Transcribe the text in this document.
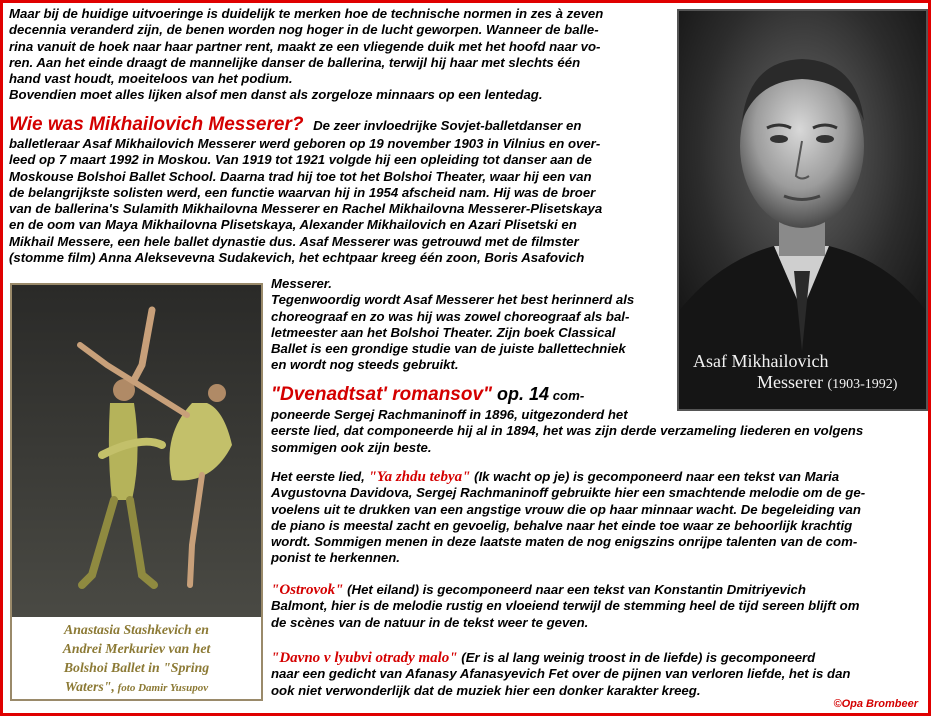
Maar bij de huidige uitvoeringe is duidelijk te merken hoe de technische normen in zes à zeven

decennia veranderd zijn, de benen worden nog hoger in de lucht geworpen. Wanneer de balle-

rina vanuit de hoek naar haar partner rent, maakt ze een vliegende duik met het hoofd naar vo-

ren. Aan het einde draagt de mannelijke danser de ballerina, terwijl hij haar met slechts één

hand vast houdt, moeiteloos van het podium.

Bovendien moet alles lijken alsof men danst als zorgeloze minnaars op een lentedag.

Wie was Mikhailovich Messerer? De zeer invloedrijke Sovjet-balletdanser en

balletleraar Asaf Mikhailovich Messerer werd geboren op 19 november 1903 in Vilnius en over-

leed op 7 maart 1992 in Moskou. Van 1919 tot 1921 volgde hij een opleiding tot danser aan de

Moskouse Bolshoi Ballet School. Daarna trad hij toe tot het Bolshoi Theater, waar hij een van

de belangrijkste solisten werd, een functie waarvan hij in 1954 afscheid nam. Hij was de broer

van de ballerina's Sulamith Mikhailovna Messerer en Rachel Mikhailovna Messerer-Plisetskaya

en de oom van Maya Mikhailovna Plisetskaya, Alexander Mikhailovich en Azari Plisetski en

Mikhail Messere, een hele ballet dynastie dus. Asaf Messerer was getrouwd met de filmster

(stomme film) Anna Aleksevevna Sudakevich, het echtpaar kreeg één zoon, Boris Asafovich

Messerer.

Tegenwoordig wordt Asaf Messerer het best herinnerd als

choreograaf en zo was hij was zowel choreograaf als bal-

letmeester aan het Bolshoi Theater. Zijn boek Classical

Ballet is een grondige studie van de juiste ballettechniek

en wordt nog steeds gebruikt.

"Dvenadtsat' romansov" op. 14 com-

poneerde Sergej Rachmaninoff in 1896, uitgezonderd het

eerste lied, dat componeerde hij al in 1894, het was zijn derde verzameling liederen en volgens

sommigen ook zijn beste.

Het eerste lied, "Ya zhdu tebya" (Ik wacht op je) is gecomponeerd naar een tekst van Maria

Avgustovna Davidova, Sergej Rachmaninoff gebruikte hier een smachtende melodie om de ge-

voelens uit te drukken van een angstige vrouw die op haar minnaar wacht. De begeleiding van

de piano is meestal zacht en gevoelig, behalve naar het einde toe waar ze behoorlijk krachtig

wordt. Sommigen menen in deze laatste maten de nog enigszins onrijpe talenten van de com-

ponist te herkennen.

"Ostrovok" (Het eiland) is gecomponeerd naar een tekst van Konstantin Dmitriyevich

Balmont, hier is de melodie rustig en vloeiend terwijl de stemming heel de tijd sereen blijft om

de scènes van de natuur in de tekst weer te geven.

"Davno v lyubvi otrady malo" (Er is al lang weinig troost in de liefde) is gecomponeerd

naar een gedicht van Afanasy Afanasyevich Fet over de pijnen van verloren liefde, het is dan

ook niet verwonderlijk dat de muziek hier een donker karakter kreeg.

Asaf Mikhailovich
Messerer (1903-1992)
Anastasia Stashkevich en
Andrei Merkuriev van het
Bolshoi Ballet in "Spring
Waters", foto Damir Yusupov
©Opa Brombeer
